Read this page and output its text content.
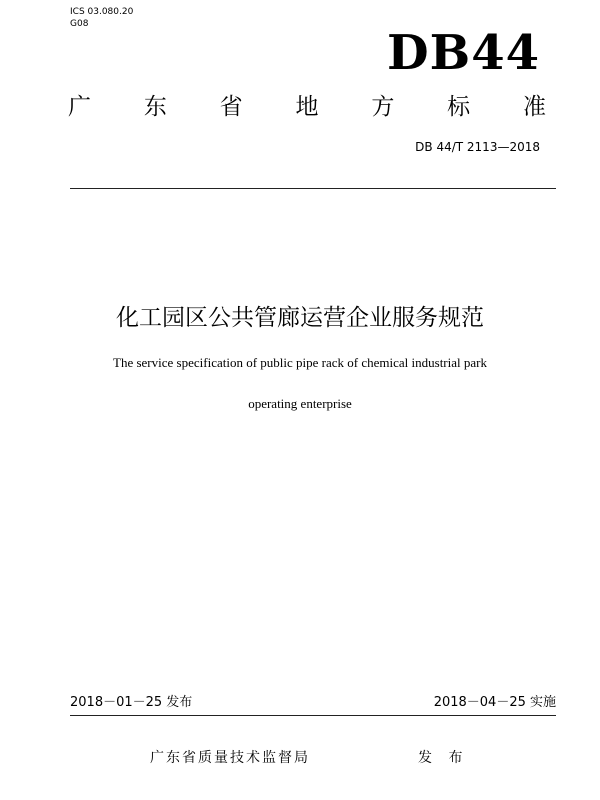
ICS 03.080.20
G08
DB44
广 东 省 地 方 标 准
DB 44/T 2113—2018
化工园区公共管廊运营企业服务规范
The service specification of public pipe rack of chemical industrial park
operating enterprise
2018－01－25 发布	2018－04－25 实施
广东省质量技术监督局	发 布
